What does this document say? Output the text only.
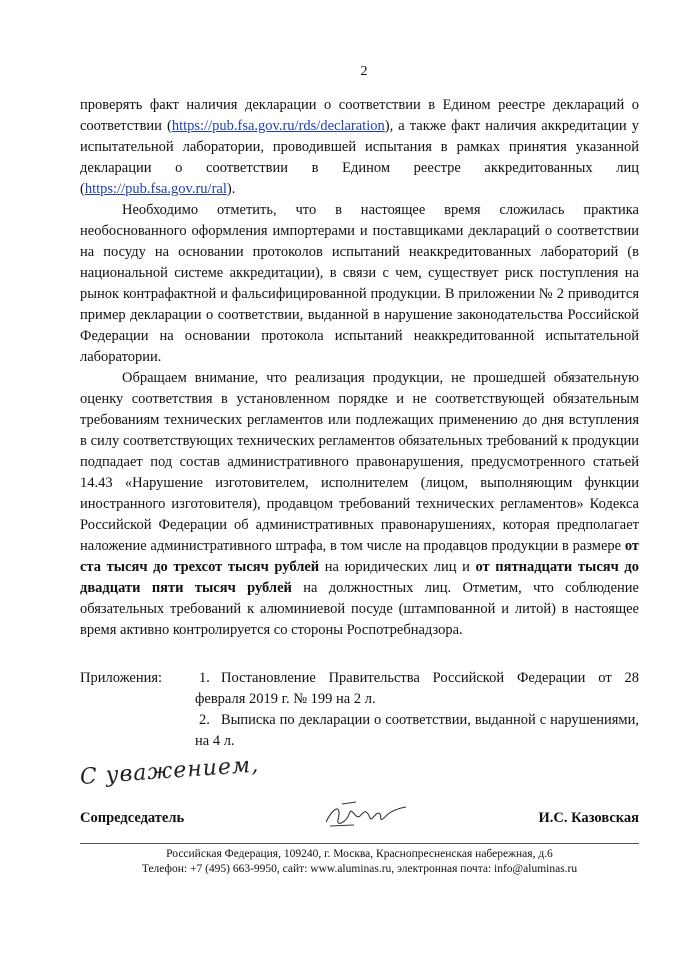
2

проверять факт наличия декларации о соответствии в Едином реестре деклараций о соответствии (https://pub.fsa.gov.ru/rds/declaration), а также факт наличия аккредитации у испытательной лаборатории, проводившей испытания в рамках принятия указанной декларации о соответствии в Едином реестре аккредитованных лиц (https://pub.fsa.gov.ru/ral).

Необходимо отметить, что в настоящее время сложилась практика необоснованного оформления импортерами и поставщиками деклараций о соответствии на посуду на основании протоколов испытаний неаккредитованных лабораторий (в национальной системе аккредитации), в связи с чем, существует риск поступления на рынок контрафактной и фальсифицированной продукции. В приложении № 2 приводится пример декларации о соответствии, выданной в нарушение законодательства Российской Федерации на основании протокола испытаний неаккредитованной испытательной лаборатории.

Обращаем внимание, что реализация продукции, не прошедшей обязательную оценку соответствия в установленном порядке и не соответствующей обязательным требованиям технических регламентов или подлежащих применению до дня вступления в силу соответствующих технических регламентов обязательных требований к продукции подпадает под состав административного правонарушения, предусмотренного статьей 14.43 «Нарушение изготовителем, исполнителем (лицом, выполняющим функции иностранного изготовителя), продавцом требований технических регламентов» Кодекса Российской Федерации об административных правонарушениях, которая предполагает наложение административного штрафа, в том числе на продавцов продукции в размере от ста тысяч до трехсот тысяч рублей на юридических лиц и от пятнадцати тысяч до двадцати пяти тысяч рублей на должностных лиц. Отметим, что соблюдение обязательных требований к алюминиевой посуде (штампованной и литой) в настоящее время активно контролируется со стороны Роспотребнадзора.

Приложения:	1. Постановление Правительства Российской Федерации от 28 февраля 2019 г. № 199 на 2 л.
2. Выписка по декларации о соответствии, выданной с нарушениями, на 4 л.
С уважением,
Сопредседатель	И.С. Казовская
Российская Федерация, 109240, г. Москва, Краснопресненская набережная, д.6
Телефон: +7 (495) 663-9950, сайт: www.aluminas.ru, электронная почта: info@aluminas.ru
